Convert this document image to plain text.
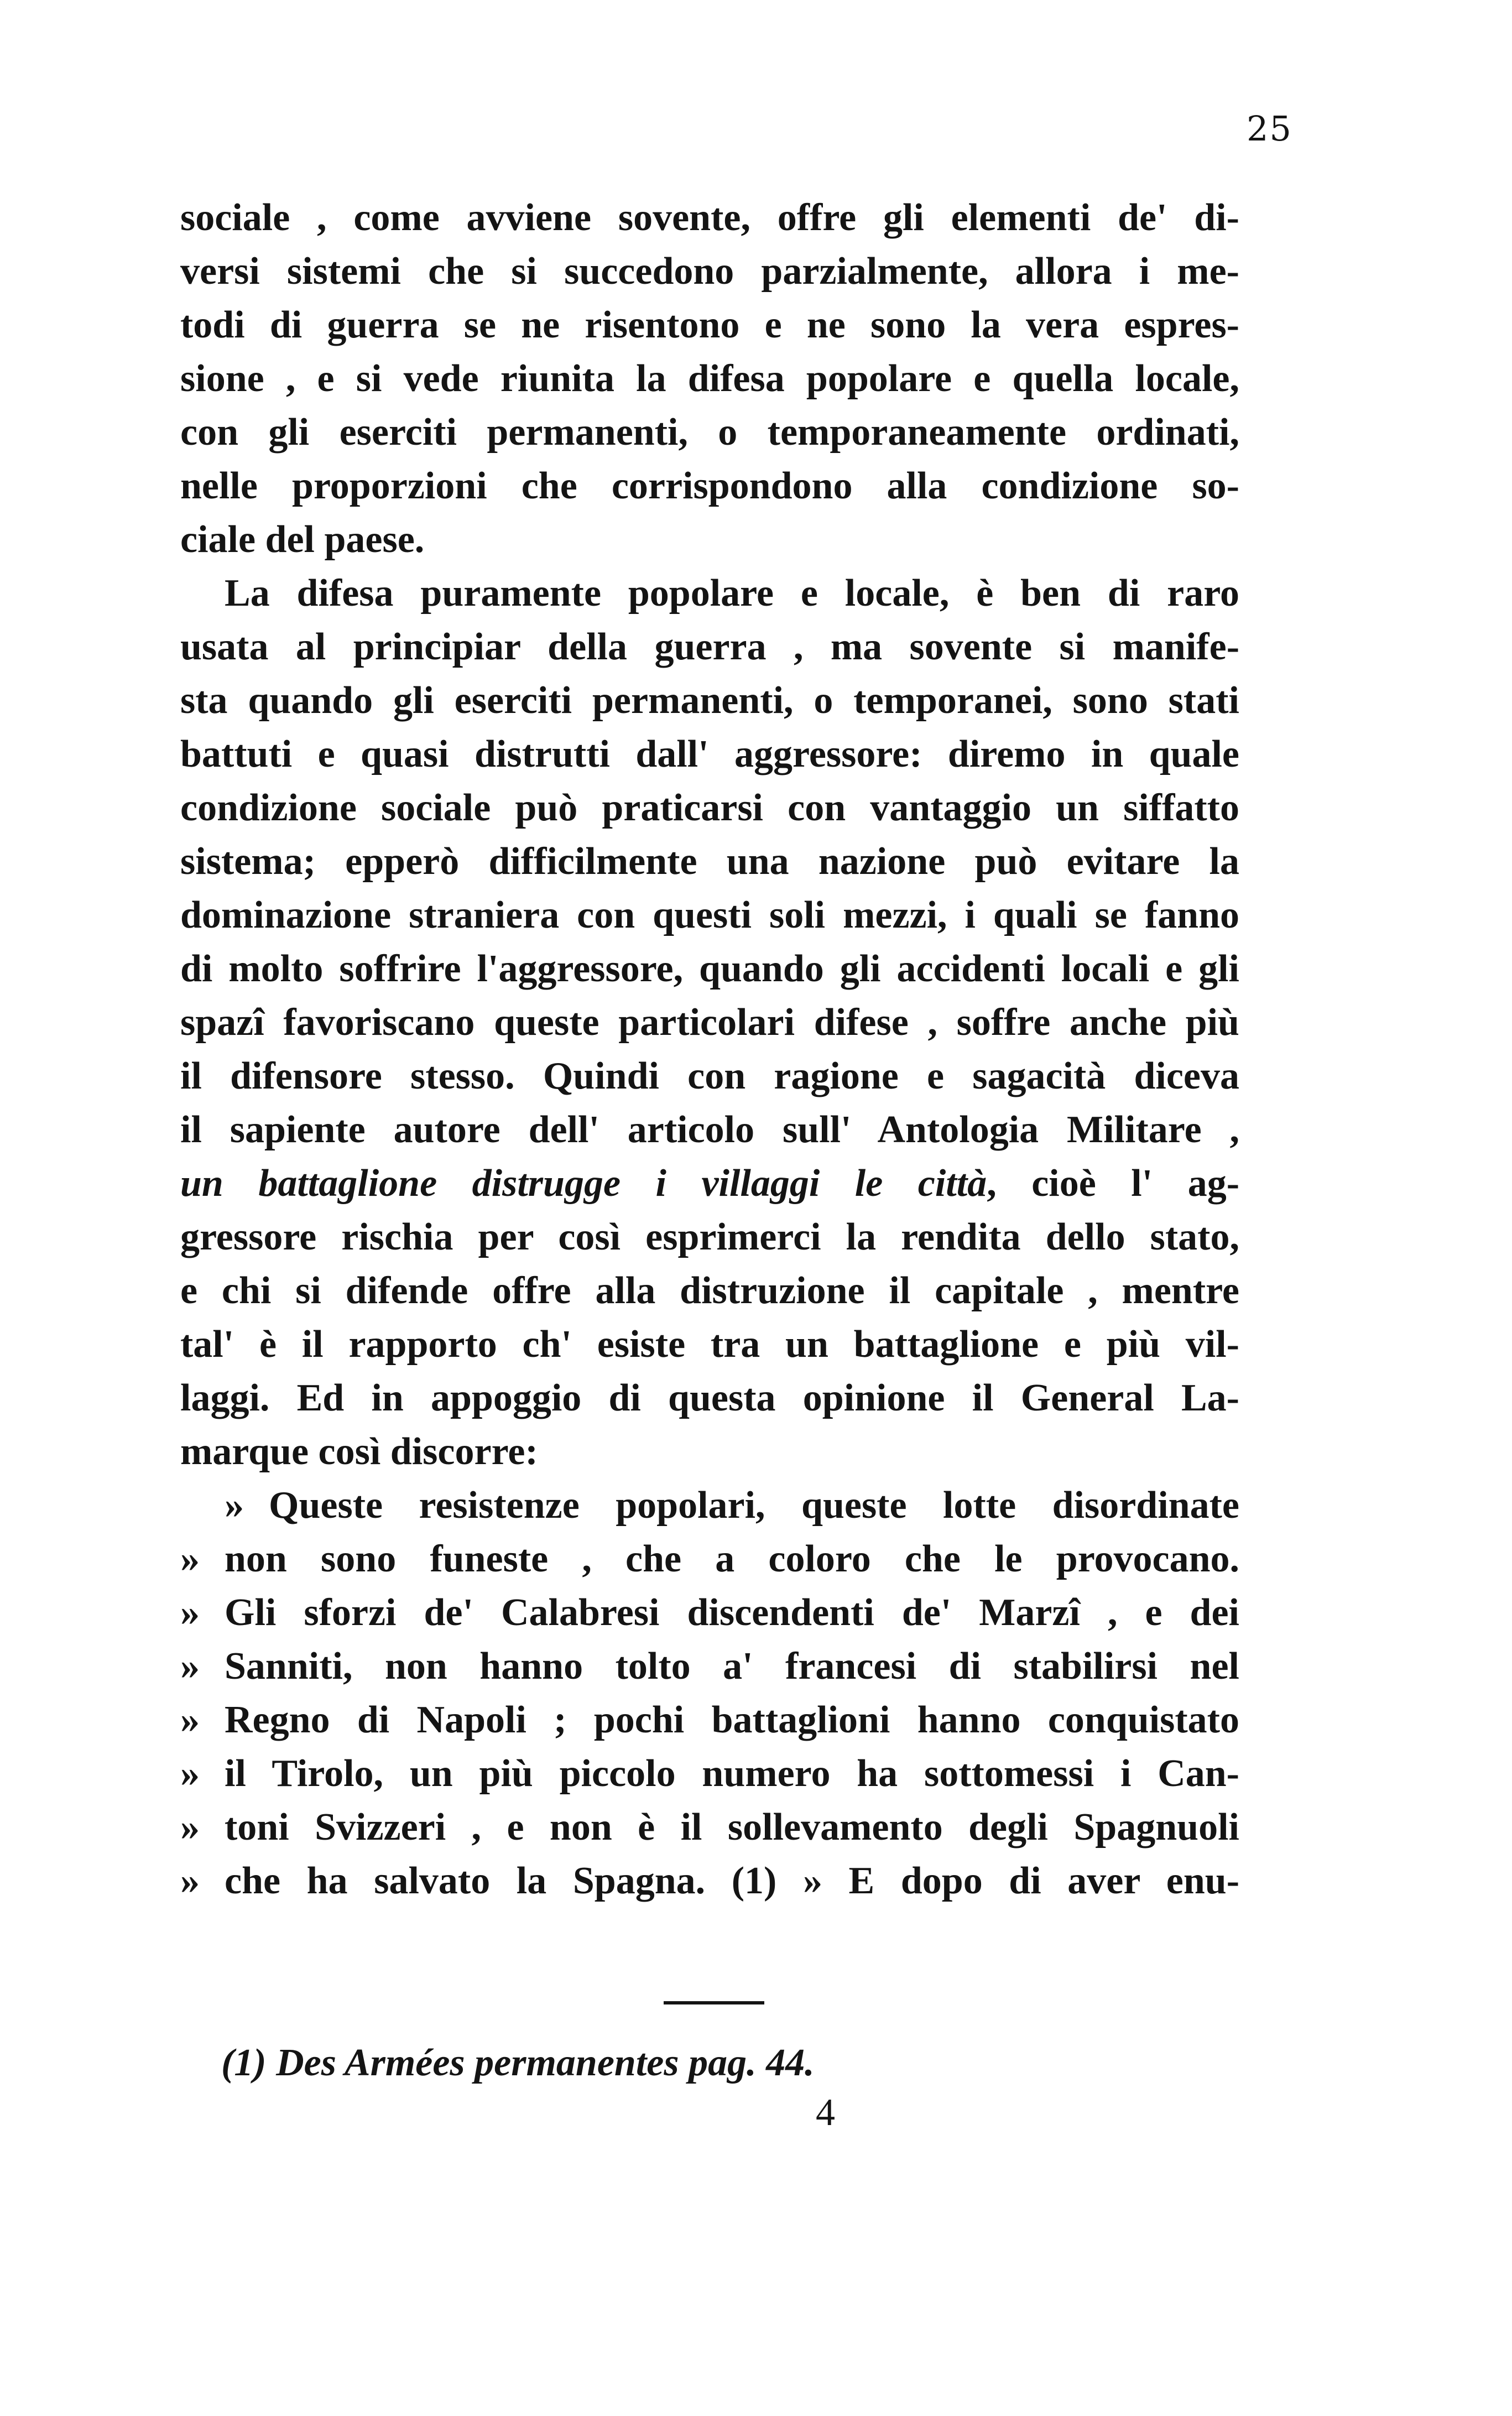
25
sociale , come avviene sovente, offre gli elementi de' di-
versi sistemi che si succedono parzialmente, allora i me-
todi di guerra se ne risentono e ne sono la vera espres-
sione , e si vede riunita la difesa popolare e quella locale,
con gli eserciti permanenti, o temporaneamente ordinati,
nelle proporzioni che corrispondono alla condizione so-
ciale del paese.
La difesa puramente popolare e locale, è ben di raro
usata al principiar della guerra , ma sovente si manife-
sta quando gli eserciti permanenti, o temporanei, sono stati
battuti e quasi distrutti dall' aggressore: diremo in quale
condizione sociale può praticarsi con vantaggio un siffatto
sistema; epperò difficilmente una nazione può evitare la
dominazione straniera con questi soli mezzi, i quali se fanno
di molto soffrire l'aggressore, quando gli accidenti locali e gli
spazî favoriscano queste particolari difese , soffre anche più
il difensore stesso. Quindi con ragione e sagacità diceva
il sapiente autore dell' articolo sull' Antologia Militare ,
un battaglione distrugge i villaggi le città, cioè l' ag-
gressore rischia per così esprimerci la rendita dello stato,
e chi si difende offre alla distruzione il capitale , mentre
tal' è il rapporto ch' esiste tra un battaglione e più vil-
laggi. Ed in appoggio di questa opinione il General La-
marque così discorre:
» Queste resistenze popolari, queste lotte disordinate
» non sono funeste , che a coloro che le provocano.
» Gli sforzi de' Calabresi discendenti de' Marzî , e dei
» Sanniti, non hanno tolto a' francesi di stabilirsi nel
» Regno di Napoli ; pochi battaglioni hanno conquistato
» il Tirolo, un più piccolo numero ha sottomessi i Can-
» toni Svizzeri , e non è il sollevamento degli Spagnuoli
» che ha salvato la Spagna. (1) » E dopo di aver enu-
(1) Des Armées permanentes pag. 44.
4
